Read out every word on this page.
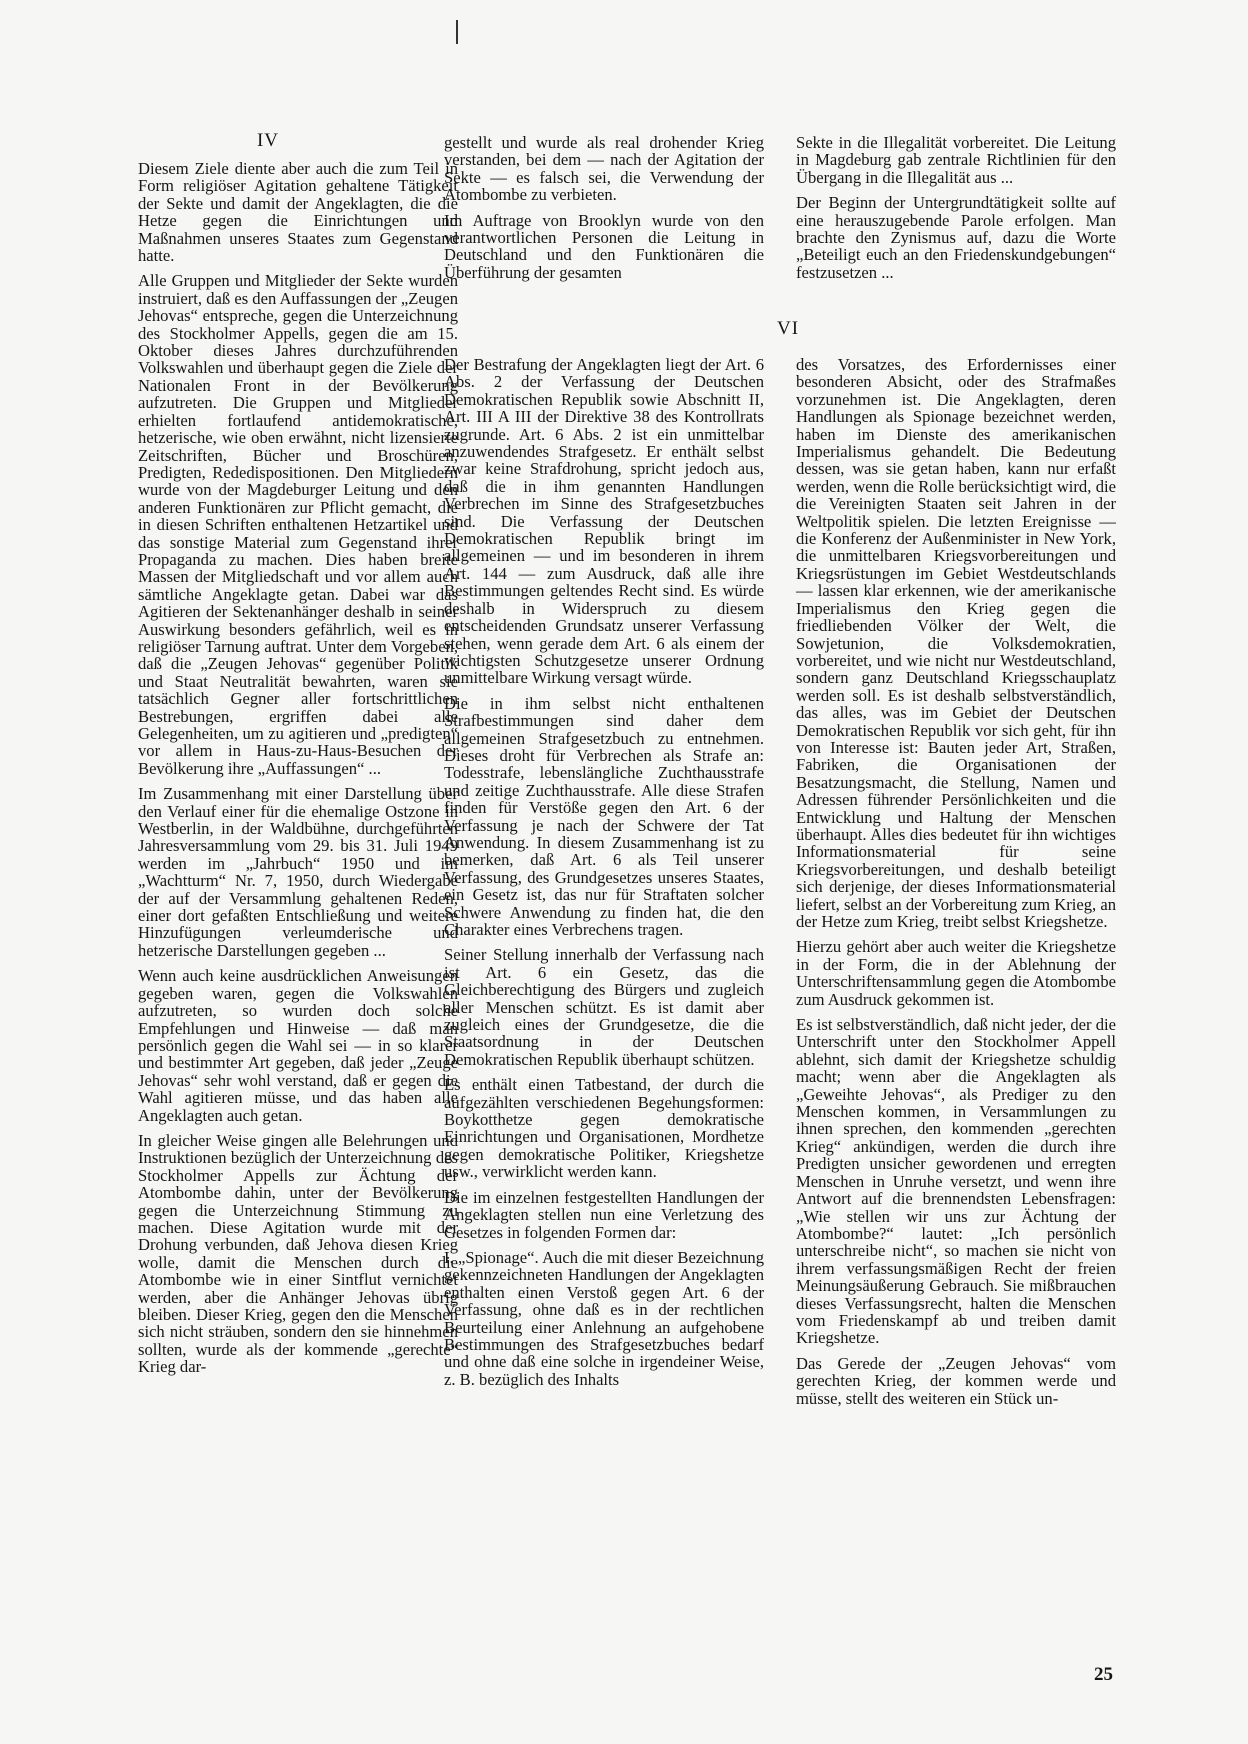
IV

Diesem Ziele diente aber auch die zum Teil in Form religiöser Agitation gehaltene Tätigkeit der Sekte und damit der Angeklagten, die die Hetze gegen die Einrichtungen und Maßnahmen unseres Staates zum Gegenstand hatte.

Alle Gruppen und Mitglieder der Sekte wurden instruiert, daß es den Auffassungen der „Zeugen Jehovas“ entspreche, gegen die Unterzeichnung des Stockholmer Appells, gegen die am 15. Oktober dieses Jahres durchzuführenden Volkswahlen und überhaupt gegen die Ziele der Nationalen Front in der Bevölkerung aufzutreten. Die Gruppen und Mitglieder erhielten fortlaufend antidemokratische, hetzerische, wie oben erwähnt, nicht lizensierte Zeitschriften, Bücher und Broschüren, Predigten, Rededispositionen. Den Mitgliedern wurde von der Magdeburger Leitung und den anderen Funktionären zur Pflicht gemacht, die in diesen Schriften enthaltenen Hetzartikel und das sonstige Material zum Gegenstand ihrer Propaganda zu machen. Dies haben breite Massen der Mitgliedschaft und vor allem auch sämtliche Angeklagte getan. Dabei war das Agitieren der Sektenanhänger deshalb in seiner Auswirkung besonders gefährlich, weil es in religiöser Tarnung auftrat. Unter dem Vorgeben, daß die „Zeugen Jehovas“ gegenüber Politik und Staat Neutralität bewahrten, waren sie tatsächlich Gegner aller fortschrittlichen Bestrebungen, ergriffen dabei alle Gelegenheiten, um zu agitieren und „predigten“ vor allem in Haus-zu-Haus-Besuchen der Bevölkerung ihre „Auffassungen“ ...

Im Zusammenhang mit einer Darstellung über den Verlauf einer für die ehemalige Ostzone in Westberlin, in der Waldbühne, durchgeführten Jahresversammlung vom 29. bis 31. Juli 1949 werden im „Jahrbuch“ 1950 und im „Wachtturm“ Nr. 7, 1950, durch Wiedergabe der auf der Versammlung gehaltenen Reden, einer dort gefaßten Entschließung und weitere Hinzufügungen verleumderische und hetzerische Darstellungen gegeben ...

Wenn auch keine ausdrücklichen Anweisungen gegeben waren, gegen die Volkswahlen aufzutreten, so wurden doch solche Empfehlungen und Hinweise — daß man persönlich gegen die Wahl sei — in so klarer und bestimmter Art gegeben, daß jeder „Zeuge Jehovas“ sehr wohl verstand, daß er gegen die Wahl agitieren müsse, und das haben alle Angeklagten auch getan.

In gleicher Weise gingen alle Belehrungen und Instruktionen bezüglich der Unterzeichnung des Stockholmer Appells zur Ächtung der Atombombe dahin, unter der Bevölkerung gegen die Unterzeichnung Stimmung zu machen. Diese Agitation wurde mit der Drohung verbunden, daß Jehova diesen Krieg wolle, damit die Menschen durch die Atombombe wie in einer Sintflut vernichtet werden, aber die Anhänger Jehovas übrig bleiben. Dieser Krieg, gegen den die Menschen sich nicht sträuben, sondern den sie hinnehmen sollten, wurde als der kommende „gerechte“ Krieg dar-

gestellt und wurde als real drohender Krieg verstanden, bei dem — nach der Agitation der Sekte — es falsch sei, die Verwendung der Atombombe zu verbieten.

Im Auftrage von Brooklyn wurde von den verantwortlichen Personen die Leitung in Deutschland und den Funktionären die Überführung der gesamten

Sekte in die Illegalität vorbereitet. Die Leitung in Magdeburg gab zentrale Richtlinien für den Übergang in die Illegalität aus ...

Der Beginn der Untergrundtätigkeit sollte auf eine herauszugebende Parole erfolgen. Man brachte den Zynismus auf, dazu die Worte „Beteiligt euch an den Friedenskundgebungen“ festzusetzen ...

VI

Der Bestrafung der Angeklagten liegt der Art. 6 Abs. 2 der Verfassung der Deutschen Demokratischen Republik sowie Abschnitt II, Art. III A III der Direktive 38 des Kontrollrats zugrunde. Art. 6 Abs. 2 ist ein unmittelbar anzuwendendes Strafgesetz. Er enthält selbst zwar keine Strafdrohung, spricht jedoch aus, daß die in ihm genannten Handlungen Verbrechen im Sinne des Strafgesetzbuches sind. Die Verfassung der Deutschen Demokratischen Republik bringt im allgemeinen — und im besonderen in ihrem Art. 144 — zum Ausdruck, daß alle ihre Bestimmungen geltendes Recht sind. Es würde deshalb in Widerspruch zu diesem entscheidenden Grundsatz unserer Verfassung stehen, wenn gerade dem Art. 6 als einem der wichtigsten Schutzgesetze unserer Ordnung unmittelbare Wirkung versagt würde.

Die in ihm selbst nicht enthaltenen Strafbestimmungen sind daher dem allgemeinen Strafgesetzbuch zu entnehmen. Dieses droht für Verbrechen als Strafe an: Todesstrafe, lebenslängliche Zuchthausstrafe und zeitige Zuchthausstrafe. Alle diese Strafen finden für Verstöße gegen den Art. 6 der Verfassung je nach der Schwere der Tat Anwendung. In diesem Zusammenhang ist zu bemerken, daß Art. 6 als Teil unserer Verfassung, des Grundgesetzes unseres Staates, ein Gesetz ist, das nur für Straftaten solcher Schwere Anwendung zu finden hat, die den Charakter eines Verbrechens tragen.

Seiner Stellung innerhalb der Verfassung nach ist Art. 6 ein Gesetz, das die Gleichberechtigung des Bürgers und zugleich aller Menschen schützt. Es ist damit aber zugleich eines der Grundgesetze, die die Staatsordnung in der Deutschen Demokratischen Republik überhaupt schützen.

Es enthält einen Tatbestand, der durch die aufgezählten verschiedenen Begehungsformen: Boykotthetze gegen demokratische Einrichtungen und Organisationen, Mordhetze gegen demokratische Politiker, Kriegshetze usw., verwirklicht werden kann.

Die im einzelnen festgestellten Handlungen der Angeklagten stellen nun eine Verletzung des Gesetzes in folgenden Formen dar:

I. „Spionage“. Auch die mit dieser Bezeichnung gekennzeichneten Handlungen der Angeklagten enthalten einen Verstoß gegen Art. 6 der Verfassung, ohne daß es in der rechtlichen Beurteilung einer Anlehnung an aufgehobene Bestimmungen des Strafgesetzbuches bedarf und ohne daß eine solche in irgendeiner Weise, z. B. bezüglich des Inhalts

des Vorsatzes, des Erfordernisses einer besonderen Absicht, oder des Strafmaßes vorzunehmen ist. Die Angeklagten, deren Handlungen als Spionage bezeichnet werden, haben im Dienste des amerikanischen Imperialismus gehandelt. Die Bedeutung dessen, was sie getan haben, kann nur erfaßt werden, wenn die Rolle berücksichtigt wird, die die Vereinigten Staaten seit Jahren in der Weltpolitik spielen. Die letzten Ereignisse — die Konferenz der Außenminister in New York, die unmittelbaren Kriegsvorbereitungen und Kriegsrüstungen im Gebiet Westdeutschlands — lassen klar erkennen, wie der amerikanische Imperialismus den Krieg gegen die friedliebenden Völker der Welt, die Sowjetunion, die Volksdemokratien, vorbereitet, und wie nicht nur Westdeutschland, sondern ganz Deutschland Kriegsschauplatz werden soll. Es ist deshalb selbstverständlich, das alles, was im Gebiet der Deutschen Demokratischen Republik vor sich geht, für ihn von Interesse ist: Bauten jeder Art, Straßen, Fabriken, die Organisationen der Besatzungsmacht, die Stellung, Namen und Adressen führender Persönlichkeiten und die Entwicklung und Haltung der Menschen überhaupt. Alles dies bedeutet für ihn wichtiges Informationsmaterial für seine Kriegsvorbereitungen, und deshalb beteiligt sich derjenige, der dieses Informationsmaterial liefert, selbst an der Vorbereitung zum Krieg, an der Hetze zum Krieg, treibt selbst Kriegshetze.

Hierzu gehört aber auch weiter die Kriegshetze in der Form, die in der Ablehnung der Unterschriftensammlung gegen die Atombombe zum Ausdruck gekommen ist.

Es ist selbstverständlich, daß nicht jeder, der die Unterschrift unter den Stockholmer Appell ablehnt, sich damit der Kriegshetze schuldig macht; wenn aber die Angeklagten als „Geweihte Jehovas“, als Prediger zu den Menschen kommen, in Versammlungen zu ihnen sprechen, den kommenden „gerechten Krieg“ ankündigen, werden die durch ihre Predigten unsicher gewordenen und erregten Menschen in Unruhe versetzt, und wenn ihre Antwort auf die brennendsten Lebensfragen: „Wie stellen wir uns zur Ächtung der Atombombe?“ lautet: „Ich persönlich unterschreibe nicht“, so machen sie nicht von ihrem verfassungsmäßigen Recht der freien Meinungsäußerung Gebrauch. Sie mißbrauchen dieses Verfassungsrecht, halten die Menschen vom Friedenskampf ab und treiben damit Kriegshetze.

Das Gerede der „Zeugen Jehovas“ vom gerechten Krieg, der kommen werde und müsse, stellt des weiteren ein Stück un-

25
